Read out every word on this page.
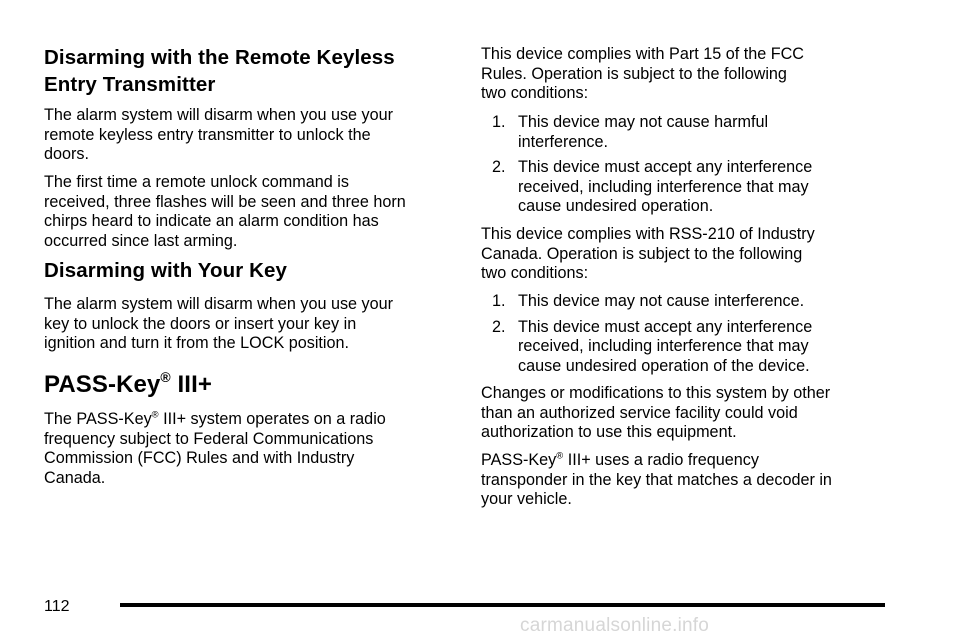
Disarming with the Remote Keyless
Entry Transmitter

The alarm system will disarm when you use your
remote keyless entry transmitter to unlock the
doors.

The first time a remote unlock command is
received, three flashes will be seen and three horn
chirps heard to indicate an alarm condition has
occurred since last arming.

Disarming with Your Key

The alarm system will disarm when you use your
key to unlock the doors or insert your key in
ignition and turn it from the LOCK position.

PASS-Key® III+

The PASS-Key® III+ system operates on a radio
frequency subject to Federal Communications
Commission (FCC) Rules and with Industry
Canada.

This device complies with Part 15 of the FCC
Rules. Operation is subject to the following
two conditions:

1. This device may not cause harmful
interference.
2. This device must accept any interference
received, including interference that may
cause undesired operation.

This device complies with RSS-210 of Industry
Canada. Operation is subject to the following
two conditions:

1. This device may not cause interference.
2. This device must accept any interference
received, including interference that may
cause undesired operation of the device.

Changes or modifications to this system by other
than an authorized service facility could void
authorization to use this equipment.

PASS-Key® III+ uses a radio frequency
transponder in the key that matches a decoder in
your vehicle.

112
carmanualsonline.info
